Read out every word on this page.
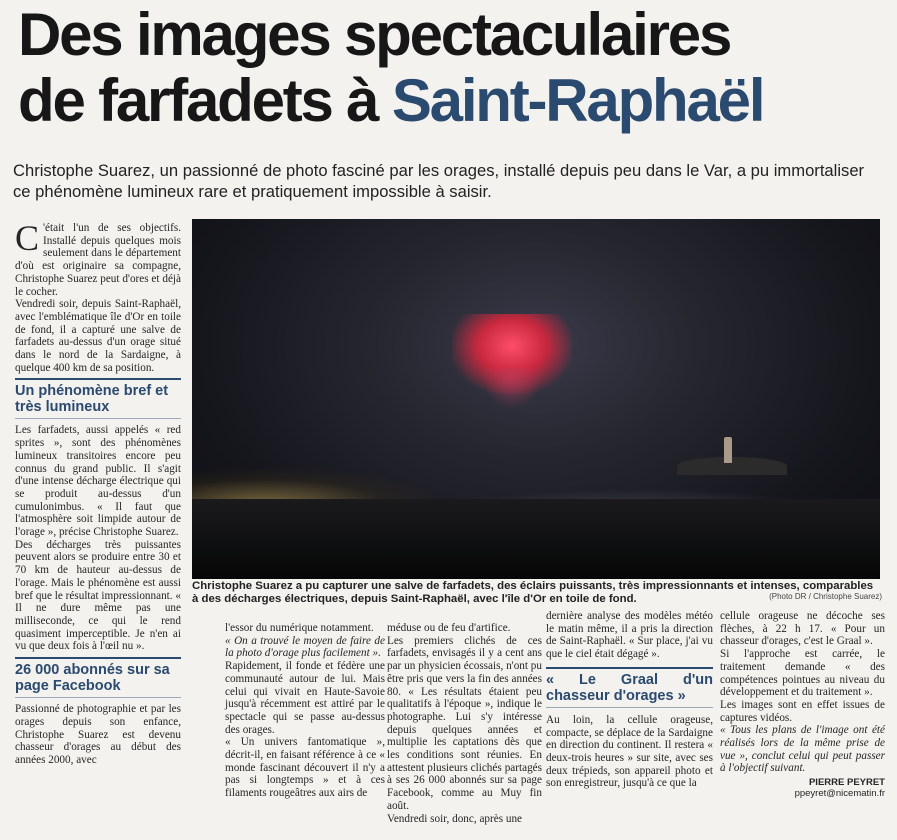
Des images spectaculaires
de farfadets à Saint-Raphaël
Christophe Suarez, un passionné de photo fasciné par les orages, installé depuis peu dans le Var, a pu immortaliser ce phénomène lumineux rare et pratiquement impossible à saisir.

C 'était l'un de ses objectifs. Installé depuis quelques mois seulement dans le département d'où est originaire sa compagne, Christophe Suarez peut d'ores et déjà le cocher.

Vendredi soir, depuis Saint-Raphaël, avec l'emblématique île d'Or en toile de fond, il a capturé une salve de farfadets au-dessus d'un orage situé dans le nord de la Sardaigne, à quelque 400 km de sa position.

Un phénomène bref et très lumineux

Les farfadets, aussi appelés « red sprites », sont des phénomènes lumineux transitoires encore peu connus du grand public. Il s'agit d'une intense décharge électrique qui se produit au-dessus d'un cumulonimbus. « Il faut que l'atmosphère soit limpide autour de l'orage », précise Christophe Suarez.

Des décharges très puissantes peuvent alors se produire entre 30 et 70 km de hauteur au-dessus de l'orage. Mais le phénomène est aussi bref que le résultat impressionnant. « Il ne dure même pas une milliseconde, ce qui le rend quasiment imperceptible. Je n'en ai vu que deux fois à l'œil nu ».

26 000 abonnés sur sa page Facebook

Passionné de photographie et par les orages depuis son enfance, Christophe Suarez est devenu chasseur d'orages au début des années 2000, avec

Christophe Suarez a pu capturer une salve de farfadets, des éclairs puissants, très impressionnants et intenses, comparables à des décharges électriques, depuis Saint-Raphaël, avec l'île d'Or en toile de fond.	(Photo DR / Christophe Suarez)

l'essor du numérique notamment.

« On a trouvé le moyen de faire de la photo d'orage plus facilement ».

Rapidement, il fonde et fédère une communauté autour de lui. Mais celui qui vivait en Haute-Savoie jusqu'à récemment est attiré par le spectacle qui se passe au-dessus des orages.

« Un univers fantomatique », décrit-il, en faisant référence à ce « monde fascinant découvert il n'y a pas si longtemps » et à ces filaments rougeâtres aux airs de

méduse ou de feu d'artifice.

Les premiers clichés de ces farfadets, envisagés il y a cent ans par un physicien écossais, n'ont pu être pris que vers la fin des années 80. « Les résultats étaient peu qualitatifs à l'époque », indique le photographe. Lui s'y intéresse depuis quelques années et multiplie les captations dès que les conditions sont réunies. En attestent plusieurs clichés partagés à ses 26 000 abonnés sur sa page Facebook, comme au Muy fin août.

Vendredi soir, donc, après une

dernière analyse des modèles météo le matin même, il a pris la direction de Saint-Raphaël. « Sur place, j'ai vu que le ciel était dégagé ».

« Le Graal d'un chasseur d'orages »

Au loin, la cellule orageuse, compacte, se déplace de la Sardaigne en direction du continent. Il restera « deux-trois heures » sur site, avec ses deux trépieds, son appareil photo et son enregistreur, jusqu'à ce que la

cellule orageuse ne décoche ses flèches, à 22 h 17. « Pour un chasseur d'orages, c'est le Graal ».

Si l'approche est carrée, le traitement demande « des compétences pointues au niveau du développement et du traitement ».

Les images sont en effet issues de captures vidéos.

« Tous les plans de l'image ont été réalisés lors de la même prise de vue », conclut celui qui peut passer à l'objectif suivant.

PIERRE PEYRET
ppeyret@nicematin.fr
